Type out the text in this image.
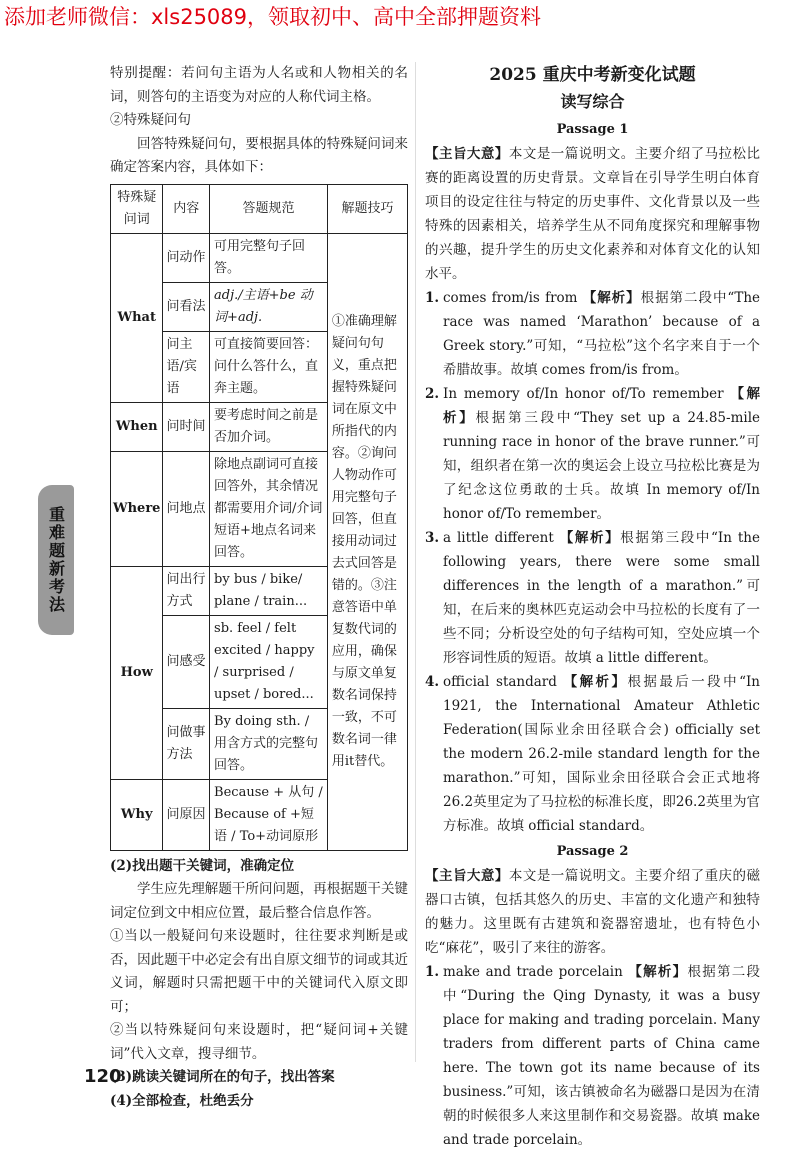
添加老师微信：xls25089，领取初中、高中全部押题资料
重难题新考法

特别提醒：若问句主语为人名或和人物相关的名词，则答句的主语变为对应的人称代词主格。

②特殊疑问句

回答特殊疑问句，要根据具体的特殊疑问词来确定答案内容，具体如下：

特殊疑问词	内容	答题规范	解题技巧
What	问动作	可用完整句子回答。	①准确理解疑问句句义，重点把握特殊疑问词在原文中所指代的内容。②询问人物动作可用完整句子回答，但直接用动词过去式回答是错的。③注意答语中单复数代词的应用，确保与原文单复数名词保持一致，不可数名词一律用it替代。
	问看法	adj./主语+be 动词+adj.	
	问主语/宾语	可直接简要回答：问什么答什么，直奔主题。	
When	问时间	要考虑时间之前是否加介词。	
Where	问地点	除地点副词可直接回答外，其余情况都需要用介词/介词短语+地点名词来回答。	
How	问出行方式	by bus / bike/ plane / train...	
	问感受	sb. feel / felt excited / happy / surprised / upset / bored...	
	问做事方法	By doing sth. / 用含方式的完整句回答。	
Why	问原因	Because + 从句 / Because of +短语 / To+动词原形	

(2)找出题干关键词，准确定位

学生应先理解题干所问问题，再根据题干关键词定位到文中相应位置，最后整合信息作答。

①当以一般疑问句来设题时，往往要求判断是或否，因此题干中必定会有出自原文细节的词或其近义词，解题时只需把题干中的关键词代入原文即可；

②当以特殊疑问句来设题时，把“疑问词+关键词”代入文章，搜寻细节。

(3)跳读关键词所在的句子，找出答案

(4)全部检查，杜绝丢分

2025 重庆中考新变化试题

读写综合

Passage 1

【主旨大意】本文是一篇说明文。主要介绍了马拉松比赛的距离设置的历史背景。文章旨在引导学生明白体育项目的设定往往与特定的历史事件、文化背景以及一些特殊的因素相关，培养学生从不同角度探究和理解事物的兴趣，提升学生的历史文化素养和对体育文化的认知水平。

1. comes from/is from 【解析】根据第二段中“The race was named ‘Marathon’ because of a Greek story.”可知，“马拉松”这个名字来自于一个希腊故事。故填 comes from/is from。

2. In memory of/In honor of/To remember 【解析】根据第三段中“They set up a 24.85-mile running race in honor of the brave runner.”可知，组织者在第一次的奥运会上设立马拉松比赛是为了纪念这位勇敢的士兵。故填 In memory of/In honor of/To remember。

3. a little different 【解析】根据第三段中“In the following years, there were some small differences in the length of a marathon.”可知，在后来的奥林匹克运动会中马拉松的长度有了一些不同；分析设空处的句子结构可知，空处应填一个形容词性质的短语。故填 a little different。

4. official standard 【解析】根据最后一段中“In 1921, the International Amateur Athletic Federation(国际业余田径联合会) officially set the modern 26.2-mile standard length for the marathon.”可知，国际业余田径联合会正式地将26.2英里定为了马拉松的标准长度，即26.2英里为官方标准。故填 official standard。

Passage 2

【主旨大意】本文是一篇说明文。主要介绍了重庆的磁器口古镇，包括其悠久的历史、丰富的文化遗产和独特的魅力。这里既有古建筑和瓷器窑遗址，也有特色小吃“麻花”，吸引了来往的游客。

1. make and trade porcelain 【解析】根据第二段中“During the Qing Dynasty, it was a busy place for making and trading porcelain. Many traders from different parts of China came here. The town got its name because of its business.”可知，该古镇被命名为磁器口是因为在清朝的时候很多人来这里制作和交易瓷器。故填 make and trade porcelain。

120
